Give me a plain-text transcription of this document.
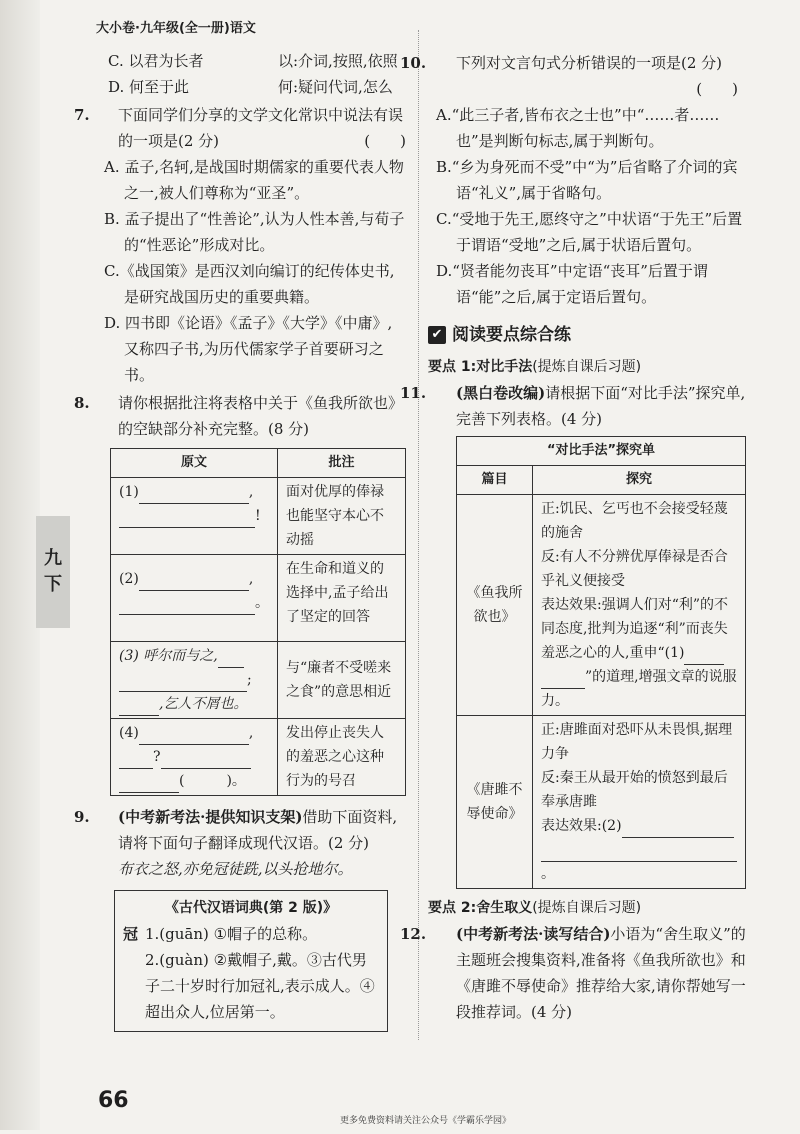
九
下
大小卷·九年级(全一册)语文
C. 以君为长者	以:介词,按照,依照
D. 何至于此	何:疑问代词,怎么

7. 下面同学们分享的文学文化常识中说法有误的一项是(2 分)	(　　)

A. 孟子,名轲,是战国时期儒家的重要代表人物之一,被人们尊称为“亚圣”。

B. 孟子提出了“性善论”,认为人性本善,与荀子的“性恶论”形成对比。

C.《战国策》是西汉刘向编订的纪传体史书,是研究战国历史的重要典籍。

D. 四书即《论语》《孟子》《大学》《中庸》,又称四子书,为历代儒家学子首要研习之书。

8. 请你根据批注将表格中关于《鱼我所欲也》的空缺部分补充完整。(8 分)

原文	批注
(1) ,
!	面对优厚的俸禄也能坚守本心不动摇
(2) ,
。	在生命和道义的选择中,孟子给出了坚定的回答
(3) 呼尔而与之,
;
,乞人不屑也。	与“廉者不受嗟来之食”的意思相近
(4) ,
?
(　　　)。	发出停止丧失人的羞恶之心这种行为的号召

9. (中考新考法·提供知识支架)借助下面资料,请将下面句子翻译成现代汉语。(2 分)

布衣之怒,亦免冠徒跣,以头抢地尔。

《古代汉语词典(第 2 版)》
冠 1.(guān) ①帽子的总称。
2.(guàn) ②戴帽子,戴。③古代男子二十岁时行加冠礼,表示成人。④超出众人,位居第一。

10. 下列对文言句式分析错误的一项是(2 分)

(　　)

A.“此三子者,皆布衣之士也”中“……者……也”是判断句标志,属于判断句。

B.“乡为身死而不受”中“为”后省略了介词的宾语“礼义”,属于省略句。

C.“受地于先王,愿终守之”中状语“于先王”后置于谓语“受地”之后,属于状语后置句。

D.“贤者能勿丧耳”中定语“丧耳”后置于谓语“能”之后,属于定语后置句。

✔ 阅读要点综合练
要点 1:对比手法(提炼自课后习题)

11. (黑白卷改编)请根据下面“对比手法”探究单,完善下列表格。(4 分)

“对比手法”探究单	
篇目	探究
《鱼我所欲也》	正:饥民、乞丐也不会接受轻蔑的施舍
反:有人不分辨优厚俸禄是否合乎礼义便接受
表达效果:强调人们对“利”的不同态度,批判为追逐“利”而丧失羞恶之心的人,重申“(1)
”的道理,增强文章的说服力。

《唐雎不辱使命》	正:唐雎面对恐吓从未畏惧,据理力争
反:秦王从最开始的愤怒到最后奉承唐雎
表达效果:(2)
。
要点 2:舍生取义(提炼自课后习题)

12. (中考新考法·读写结合)小语为“舍生取义”的主题班会搜集资料,准备将《鱼我所欲也》和《唐雎不辱使命》推荐给大家,请你帮她写一段推荐词。(4 分)

66
更多免费资料请关注公众号《学霸乐学园》
